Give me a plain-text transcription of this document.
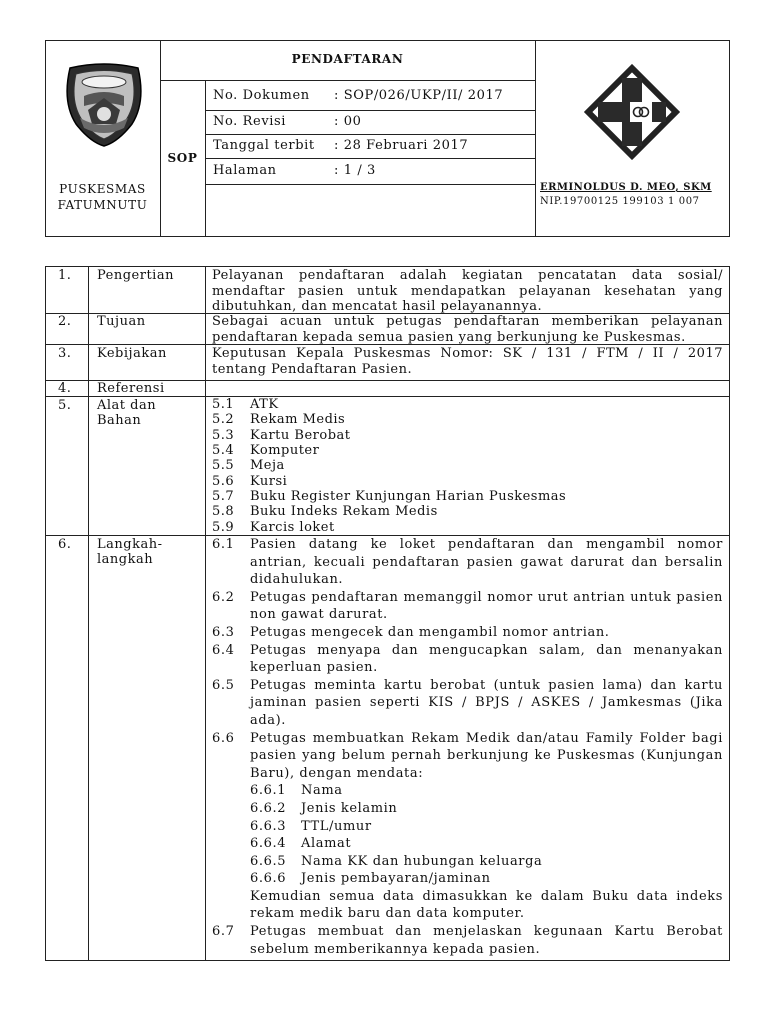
PUSKESMAS
FATUMNUTU
PENDAFTARAN
SOP
No. Dokumen : SOP/026/UKP/II/ 2017
No. Revisi	: 00
Tanggal terbit : 28 Februari 2017
Halaman	: 1 / 3
ERMINOLDUS D. MEO, SKM
NIP.19700125 199103 1 007
1. Pengertian	Pelayanan pendaftaran adalah kegiatan pencatatan data sosial/ mendaftar pasien untuk mendapatkan pelayanan kesehatan yang dibutuhkan, dan mencatat hasil pelayanannya.
2. Tujuan	Sebagai acuan untuk petugas pendaftaran memberikan pelayanan pendaftaran kepada semua pasien yang berkunjung ke Puskesmas.
3. Kebijakan	Keputusan Kepala Puskesmas Nomor: SK / 131 / FTM / II / 2017 tentang Pendaftaran Pasien.
4. Referensi
5. Alat dan
Bahan
5.1	ATK
5.2	Rekam Medis
5.3	Kartu Berobat
5.4	Komputer
5.5	Meja
5.6	Kursi
5.7	Buku Register Kunjungan Harian Puskesmas
5.8	Buku Indeks Rekam Medis
5.9	Karcis loket
6. Langkah-
langkah
6.1	Pasien datang ke loket pendaftaran dan mengambil nomor antrian, kecuali pendaftaran pasien gawat darurat dan bersalin didahulukan.
6.2	Petugas pendaftaran memanggil nomor urut antrian untuk pasien non gawat darurat.
6.3	Petugas mengecek dan mengambil nomor antrian.
6.4	Petugas menyapa dan mengucapkan salam, dan menanyakan keperluan pasien.
6.5	Petugas meminta kartu berobat (untuk pasien lama) dan kartu jaminan pasien seperti KIS / BPJS / ASKES / Jamkesmas (Jika ada).
6.6	Petugas membuatkan Rekam Medik dan/atau Family Folder bagi pasien yang belum pernah berkunjung ke Puskesmas (Kunjungan Baru), dengan mendata:
6.6.1	Nama
6.6.2	Jenis kelamin
6.6.3	TTL/umur
6.6.4	Alamat
6.6.5	Nama KK dan hubungan keluarga
6.6.6	Jenis pembayaran/jaminan
Kemudian semua data dimasukkan ke dalam Buku data indeks rekam medik baru dan data komputer.
6.7	Petugas membuat dan menjelaskan kegunaan Kartu Berobat sebelum memberikannya kepada pasien.
